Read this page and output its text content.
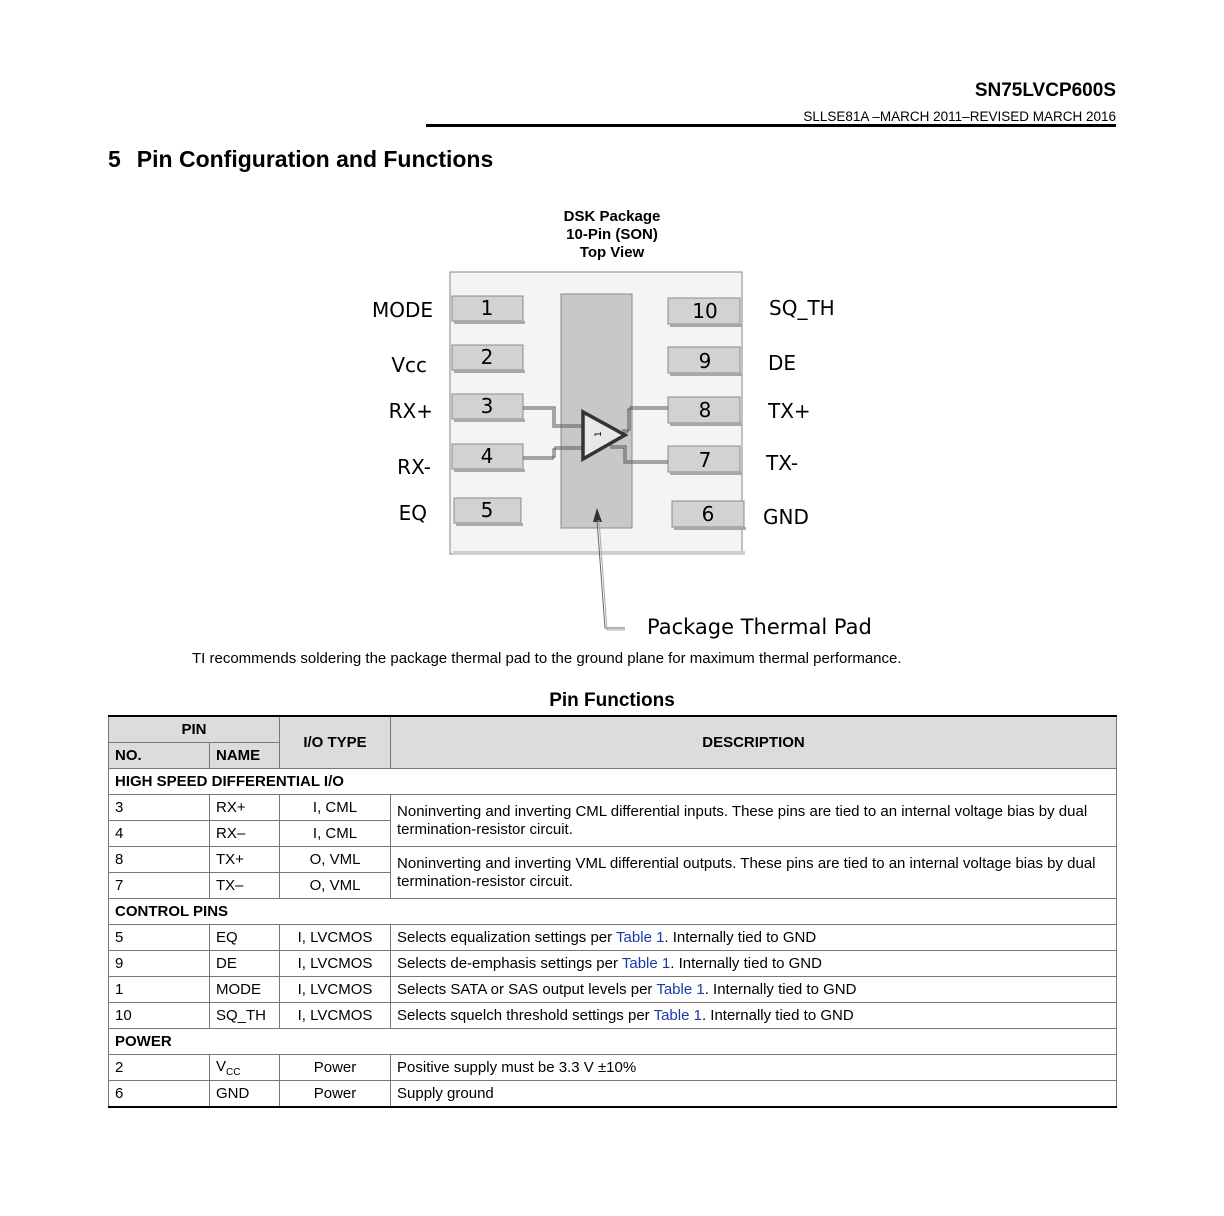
SN75LVCP600S
SLLSE81A –MARCH 2011–REVISED MARCH 2016
5 Pin Configuration and Functions
DSK Package
10-Pin (SON)
Top View
1
1
2
3
4
5
10
9
8
7
6
MODE
Vcc
RX+
RX-
EQ
SQ_TH
DE
TX+
TX-
GND
Package Thermal Pad
TI recommends soldering the package thermal pad to the ground plane for maximum thermal performance.
Pin Functions
PIN		I/O TYPE	DESCRIPTION
NO.	NAME		
HIGH SPEED DIFFERENTIAL I/O			
3	RX+	I, CML	Noninverting and inverting CML differential inputs. These pins are tied to an internal voltage bias by dual termination-resistor circuit.
4	RX–	I, CML	
8	TX+	O, VML	Noninverting and inverting VML differential outputs. These pins are tied to an internal voltage bias by dual termination-resistor circuit.
7	TX–	O, VML	
CONTROL PINS			
5	EQ	I, LVCMOS	Selects equalization settings per Table 1. Internally tied to GND
9	DE	I, LVCMOS	Selects de-emphasis settings per Table 1. Internally tied to GND
1	MODE	I, LVCMOS	Selects SATA or SAS output levels per Table 1. Internally tied to GND
10	SQ_TH	I, LVCMOS	Selects squelch threshold settings per Table 1. Internally tied to GND
POWER			
2	$V_{CC}$	Power	Positive supply must be 3.3 V ±10%
6	GND	Power	Supply ground
